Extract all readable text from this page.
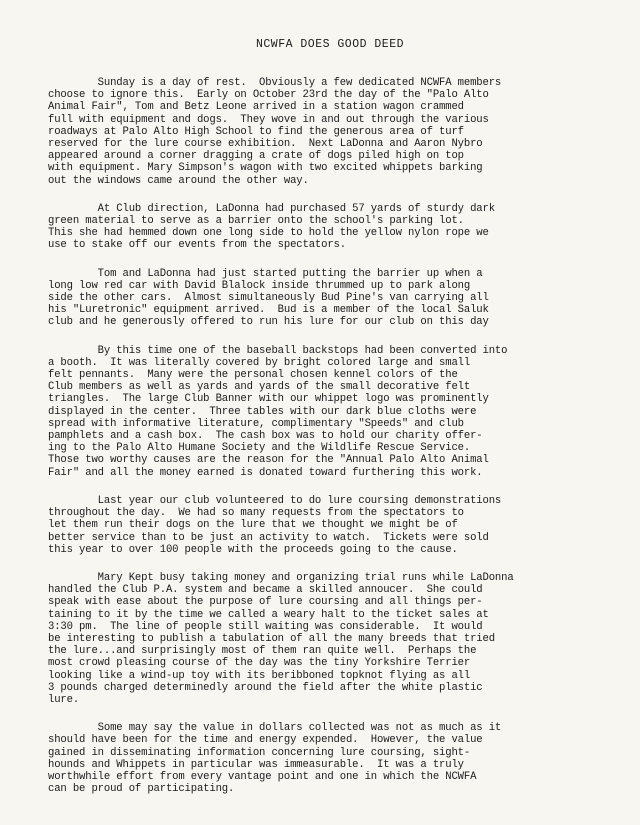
NCWFA DOES GOOD DEED
Sunday is a day of rest.  Obviously a few dedicated NCWFA members
choose to ignore this.  Early on October 23rd the day of the "Palo Alto
Animal Fair", Tom and Betz Leone arrived in a station wagon crammed
full with equipment and dogs.  They wove in and out through the various
roadways at Palo Alto High School to find the generous area of turf
reserved for the lure course exhibition.  Next LaDonna and Aaron Nybro
appeared around a corner dragging a crate of dogs piled high on top
with equipment. Mary Simpson's wagon with two excited whippets barking
out the windows came around the other way.
At Club direction, LaDonna had purchased 57 yards of sturdy dark
green material to serve as a barrier onto the school's parking lot.
This she had hemmed down one long side to hold the yellow nylon rope we
use to stake off our events from the spectators.
Tom and LaDonna had just started putting the barrier up when a
long low red car with David Blalock inside thrummed up to park along
side the other cars.  Almost simultaneously Bud Pine's van carrying all
his "Luretronic" equipment arrived.  Bud is a member of the local Saluk
club and he generously offered to run his lure for our club on this day
By this time one of the baseball backstops had been converted into
a booth.  It was literally covered by bright colored large and small
felt pennants.  Many were the personal chosen kennel colors of the
Club members as well as yards and yards of the small decorative felt
triangles.  The large Club Banner with our whippet logo was prominently
displayed in the center.  Three tables with our dark blue cloths were
spread with informative literature, complimentary "Speeds" and club
pamphlets and a cash box.  The cash box was to hold our charity offer-
ing to the Palo Alto Humane Society and the Wildlife Rescue Service.
Those two worthy causes are the reason for the "Annual Palo Alto Animal
Fair" and all the money earned is donated toward furthering this work.
Last year our club volunteered to do lure coursing demonstrations
throughout the day.  We had so many requests from the spectators to
let them run their dogs on the lure that we thought we might be of
better service than to be just an activity to watch.  Tickets were sold
this year to over 100 people with the proceeds going to the cause.
Mary Kept busy taking money and organizing trial runs while LaDonna
handled the Club P.A. system and became a skilled annoucer.  She could
speak with ease about the purpose of lure coursing and all things per-
taining to it by the time we called a weary halt to the ticket sales at
3:30 pm.  The line of people still waiting was considerable.  It would
be interesting to publish a tabulation of all the many breeds that tried
the lure...and surprisingly most of them ran quite well.  Perhaps the
most crowd pleasing course of the day was the tiny Yorkshire Terrier
looking like a wind-up toy with its beribboned topknot flying as all
3 pounds charged determinedly around the field after the white plastic
lure.
Some may say the value in dollars collected was not as much as it
should have been for the time and energy expended.  However, the value
gained in disseminating information concerning lure coursing, sight-
hounds and Whippets in particular was immeasurable.  It was a truly
worthwhile effort from every vantage point and one in which the NCWFA
can be proud of participating.
